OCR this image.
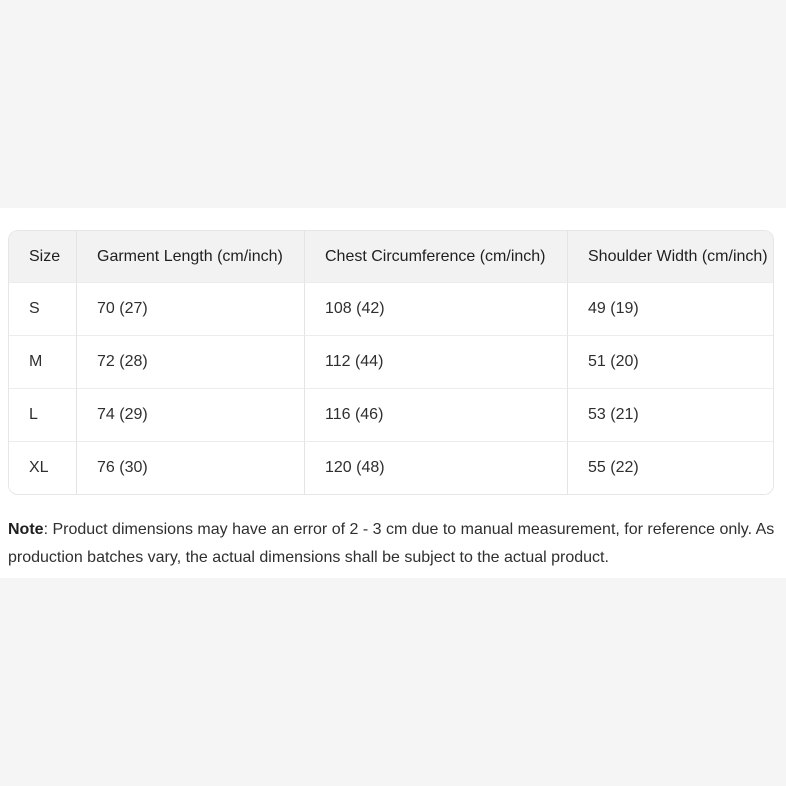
Size	Garment Length (cm/inch)	Chest Circumference (cm/inch)	Shoulder Width (cm/inch)
S	70 (27)	108 (42)	49 (19)
M	72 (28)	112 (44)	51 (20)
L	74 (29)	116 (46)	53 (21)
XL	76 (30)	120 (48)	55 (22)

Note: Product dimensions may have an error of 2 - 3 cm due to manual measurement, for reference only. As production batches vary, the actual dimensions shall be subject to the actual product.
